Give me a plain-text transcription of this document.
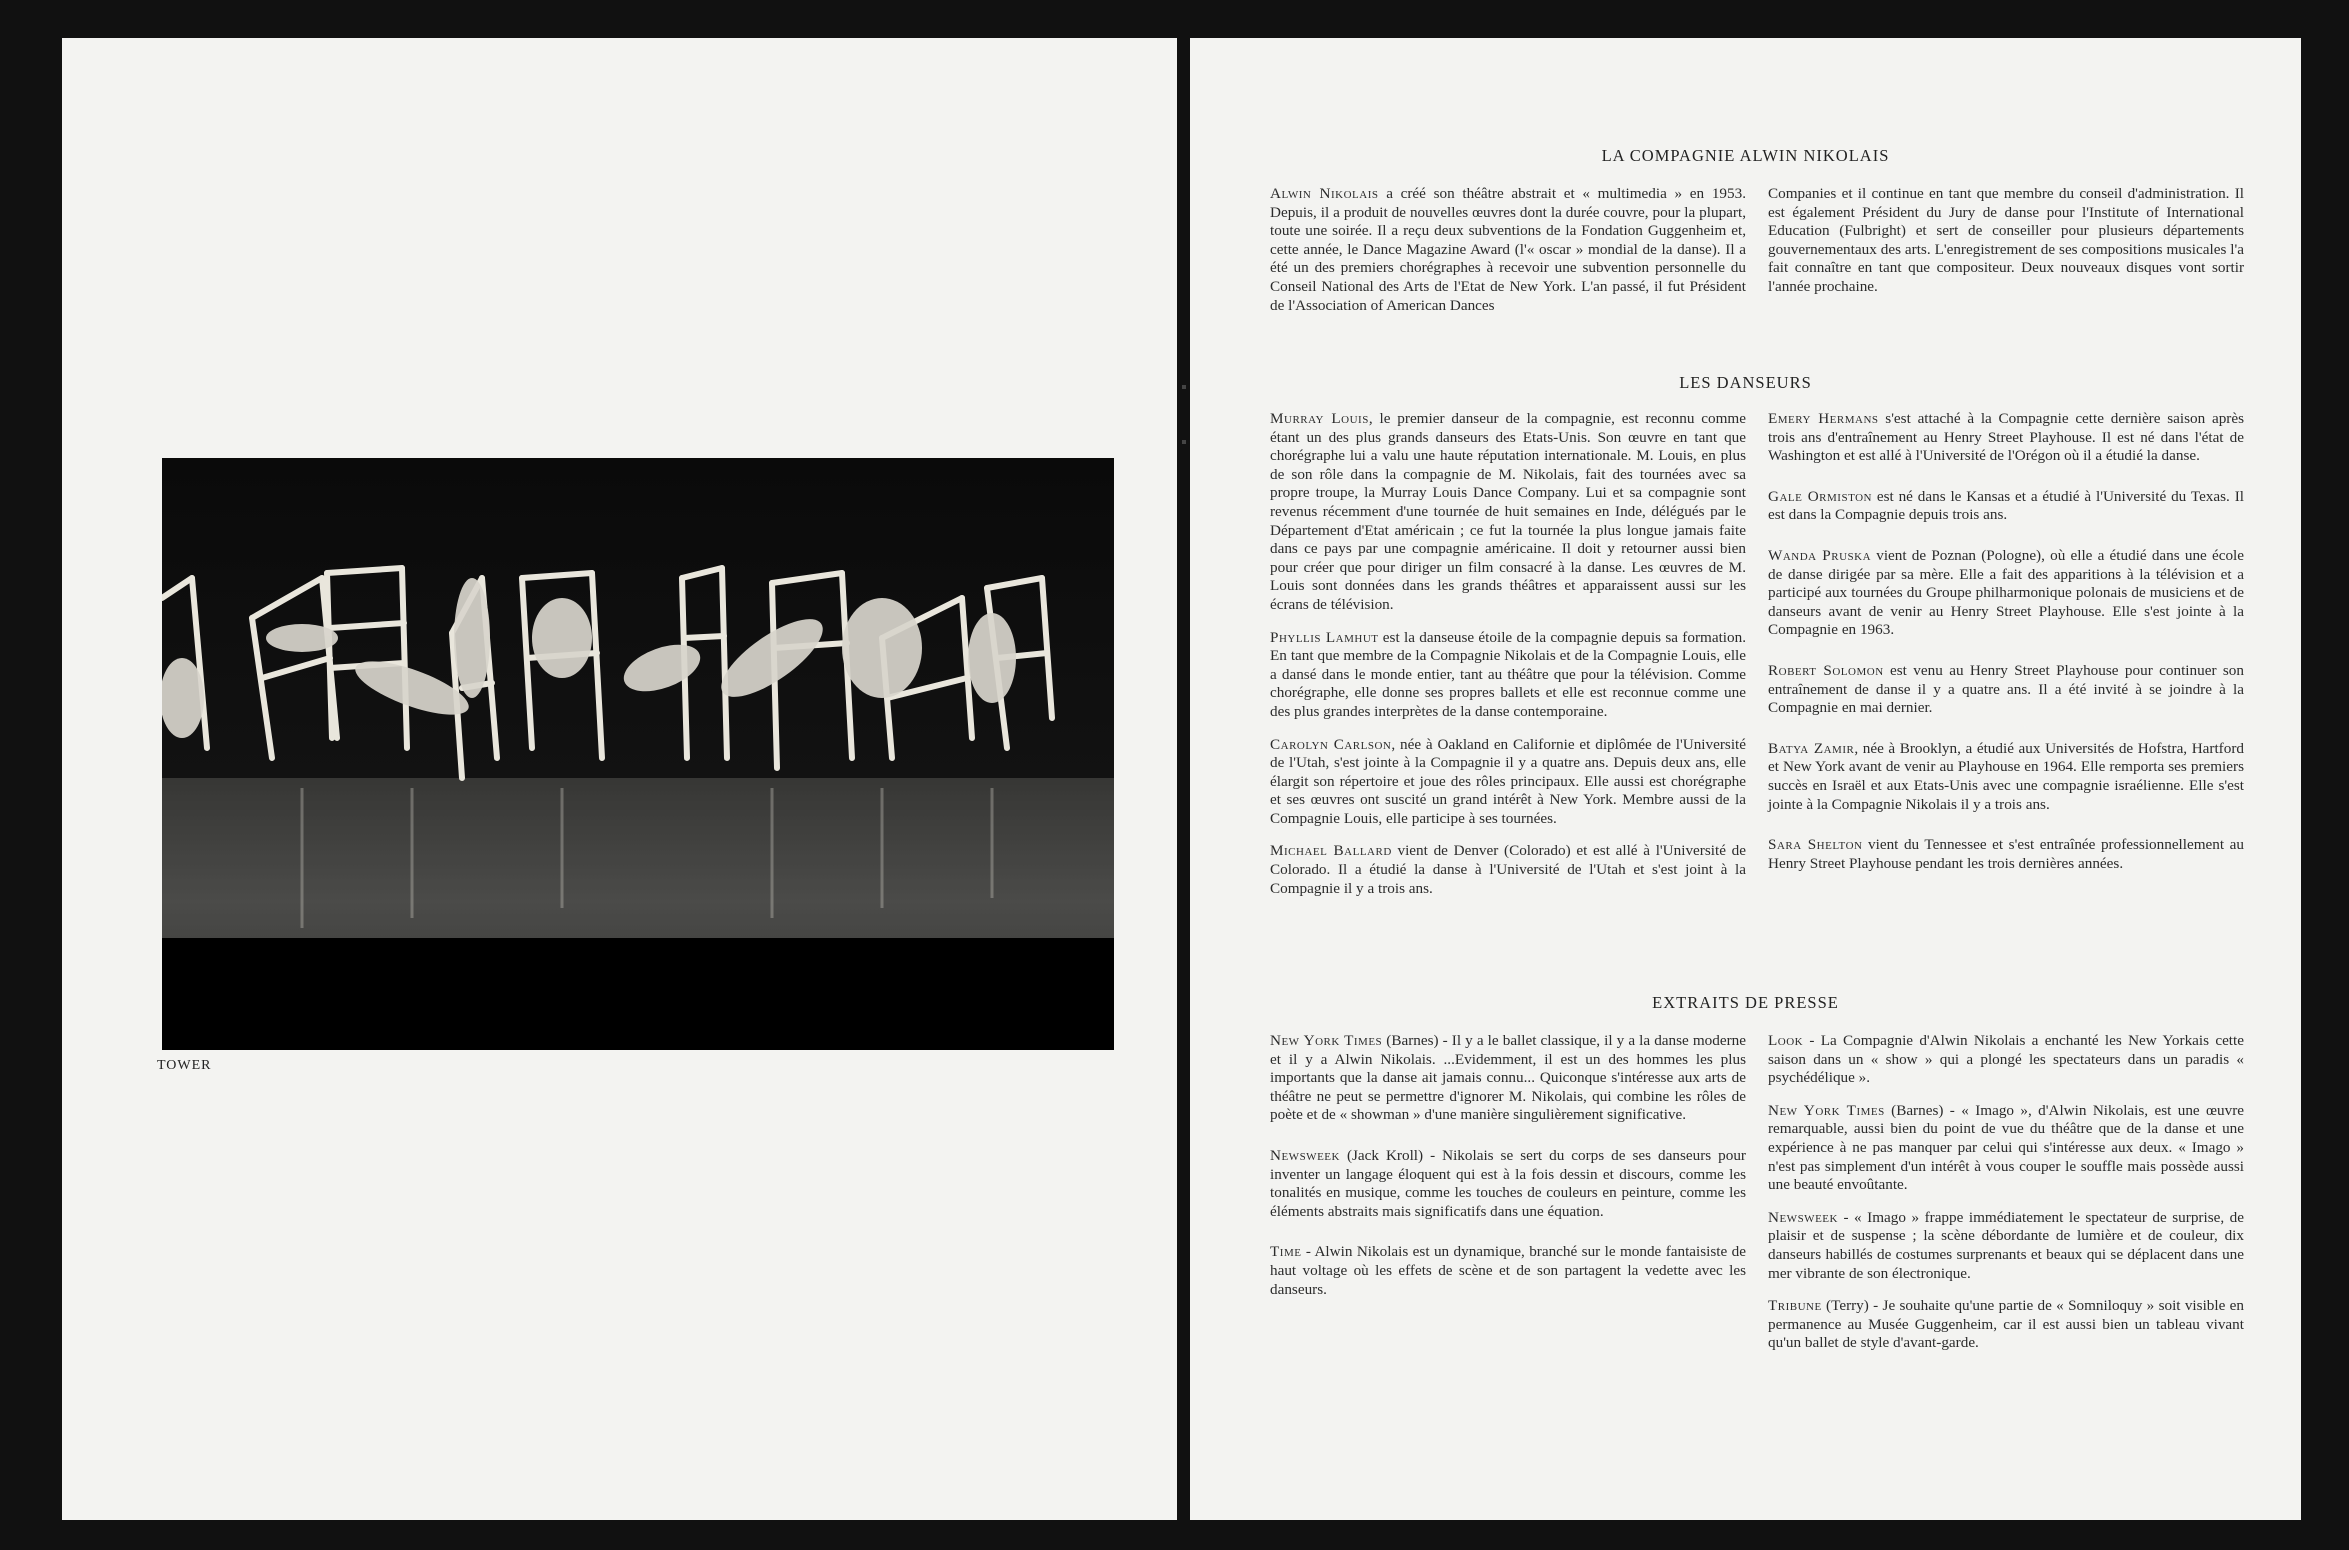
TOWER
LA COMPAGNIE ALWIN NIKOLAIS

Alwin Nikolais a créé son théâtre abstrait et « multimedia » en 1953. Depuis, il a produit de nouvelles œuvres dont la durée couvre, pour la plupart, toute une soirée. Il a reçu deux subventions de la Fondation Guggenheim et, cette année, le Dance Magazine Award (l'« oscar » mondial de la danse). Il a été un des premiers chorégraphes à recevoir une subvention personnelle du Conseil National des Arts de l'Etat de New York. L'an passé, il fut Président de l'Association of American Dances

Companies et il continue en tant que membre du conseil d'administration. Il est également Président du Jury de danse pour l'Institute of International Education (Fulbright) et sert de conseiller pour plusieurs départements gouvernementaux des arts. L'enregistrement de ses compositions musicales l'a fait connaître en tant que compositeur. Deux nouveaux disques vont sortir l'année prochaine.

LES DANSEURS

Murray Louis, le premier danseur de la compagnie, est reconnu comme étant un des plus grands danseurs des Etats-Unis. Son œuvre en tant que chorégraphe lui a valu une haute réputation internationale. M. Louis, en plus de son rôle dans la compagnie de M. Nikolais, fait des tournées avec sa propre troupe, la Murray Louis Dance Company. Lui et sa compagnie sont revenus récemment d'une tournée de huit semaines en Inde, délégués par le Département d'Etat américain ; ce fut la tournée la plus longue jamais faite dans ce pays par une compagnie américaine. Il doit y retourner aussi bien pour créer que pour diriger un film consacré à la danse. Les œuvres de M. Louis sont données dans les grands théâtres et apparaissent aussi sur les écrans de télévision.

Phyllis Lamhut est la danseuse étoile de la compagnie depuis sa formation. En tant que membre de la Compagnie Nikolais et de la Compagnie Louis, elle a dansé dans le monde entier, tant au théâtre que pour la télévision. Comme chorégraphe, elle donne ses propres ballets et elle est reconnue comme une des plus grandes interprètes de la danse contemporaine.

Carolyn Carlson, née à Oakland en Californie et diplômée de l'Université de l'Utah, s'est jointe à la Compagnie il y a quatre ans. Depuis deux ans, elle élargit son répertoire et joue des rôles principaux. Elle aussi est chorégraphe et ses œuvres ont suscité un grand intérêt à New York. Membre aussi de la Compagnie Louis, elle participe à ses tournées.

Michael Ballard vient de Denver (Colorado) et est allé à l'Université de Colorado. Il a étudié la danse à l'Université de l'Utah et s'est joint à la Compagnie il y a trois ans.

Emery Hermans s'est attaché à la Compagnie cette dernière saison après trois ans d'entraînement au Henry Street Playhouse. Il est né dans l'état de Washington et est allé à l'Université de l'Orégon où il a étudié la danse.

Gale Ormiston est né dans le Kansas et a étudié à l'Université du Texas. Il est dans la Compagnie depuis trois ans.

Wanda Pruska vient de Poznan (Pologne), où elle a étudié dans une école de danse dirigée par sa mère. Elle a fait des apparitions à la télévision et a participé aux tournées du Groupe philharmonique polonais de musiciens et de danseurs avant de venir au Henry Street Playhouse. Elle s'est jointe à la Compagnie en 1963.

Robert Solomon est venu au Henry Street Playhouse pour continuer son entraînement de danse il y a quatre ans. Il a été invité à se joindre à la Compagnie en mai dernier.

Batya Zamir, née à Brooklyn, a étudié aux Universités de Hofstra, Hartford et New York avant de venir au Playhouse en 1964. Elle remporta ses premiers succès en Israël et aux Etats-Unis avec une compagnie israélienne. Elle s'est jointe à la Compagnie Nikolais il y a trois ans.

Sara Shelton vient du Tennessee et s'est entraînée professionnellement au Henry Street Playhouse pendant les trois dernières années.

EXTRAITS DE PRESSE

New York Times (Barnes) - Il y a le ballet classique, il y a la danse moderne et il y a Alwin Nikolais. ...Evidemment, il est un des hommes les plus importants que la danse ait jamais connu... Quiconque s'intéresse aux arts de théâtre ne peut se permettre d'ignorer M. Nikolais, qui combine les rôles de poète et de « showman » d'une manière singulièrement significative.

Newsweek (Jack Kroll) - Nikolais se sert du corps de ses danseurs pour inventer un langage éloquent qui est à la fois dessin et discours, comme les tonalités en musique, comme les touches de couleurs en peinture, comme les éléments abstraits mais significatifs dans une équation.

Time - Alwin Nikolais est un dynamique, branché sur le monde fantaisiste de haut voltage où les effets de scène et de son partagent la vedette avec les danseurs.

Look - La Compagnie d'Alwin Nikolais a enchanté les New Yorkais cette saison dans un « show » qui a plongé les spectateurs dans un paradis « psychédélique ».

New York Times (Barnes) - « Imago », d'Alwin Nikolais, est une œuvre remarquable, aussi bien du point de vue du théâtre que de la danse et une expérience à ne pas manquer par celui qui s'intéresse aux deux. « Imago » n'est pas simplement d'un intérêt à vous couper le souffle mais possède aussi une beauté envoûtante.

Newsweek - « Imago » frappe immédiatement le spectateur de surprise, de plaisir et de suspense ; la scène débordante de lumière et de couleur, dix danseurs habillés de costumes surprenants et beaux qui se déplacent dans une mer vibrante de son électronique.

Tribune (Terry) - Je souhaite qu'une partie de « Somniloquy » soit visible en permanence au Musée Guggenheim, car il est aussi bien un tableau vivant qu'un ballet de style d'avant-garde.
